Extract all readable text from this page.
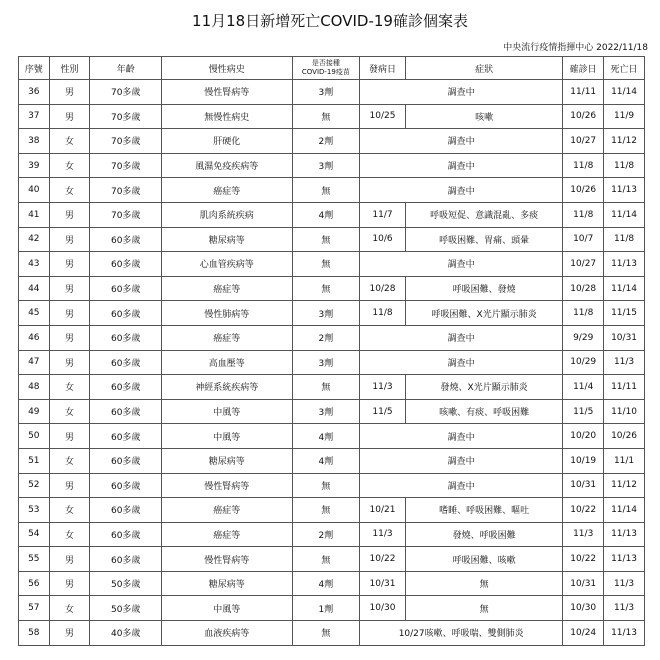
11月18日新增死亡COVID-19確診個案表
中央流行疫情指揮中心 2022/11/18
序號	性別	年齡	慢性病史	是否接種
COVID-19疫苗	發病日	症狀	確診日	死亡日
36	男	70多歲	慢性腎病等	3劑	調查中		11/11	11/14
37	男	70多歲	無慢性病史	無	10/25	咳嗽	10/26	11/9
38	女	70多歲	肝硬化	2劑	調查中		10/27	11/12
39	女	70多歲	風濕免疫疾病等	3劑	調查中		11/8	11/8
40	女	70多歲	癌症等	無	調查中		10/26	11/13
41	男	70多歲	肌肉系統疾病	4劑	11/7	呼吸短促、意識混亂、多痰	11/8	11/14
42	男	60多歲	糖尿病等	無	10/6	呼吸困難、胃痛、頭暈	10/7	11/8
43	男	60多歲	心血管疾病等	無	調查中		10/27	11/13
44	男	60多歲	癌症等	無	10/28	呼吸困難、發燒	10/28	11/14
45	男	60多歲	慢性肺病等	3劑	11/8	呼吸困難、X光片顯示肺炎	11/8	11/15
46	男	60多歲	癌症等	2劑	調查中		9/29	10/31
47	男	60多歲	高血壓等	3劑	調查中		10/29	11/3
48	女	60多歲	神經系統疾病等	無	11/3	發燒、X光片顯示肺炎	11/4	11/11
49	女	60多歲	中風等	3劑	11/5	咳嗽、有痰、呼吸困難	11/5	11/10
50	男	60多歲	中風等	4劑	調查中		10/20	10/26
51	女	60多歲	糖尿病等	4劑	調查中		10/19	11/1
52	男	60多歲	慢性腎病等	無	調查中		10/31	11/12
53	女	60多歲	癌症等	無	10/21	嗜睡、呼吸困難、嘔吐	10/22	11/14
54	女	60多歲	癌症等	2劑	11/3	發燒、呼吸困難	11/3	11/13
55	男	60多歲	慢性腎病等	無	10/22	呼吸困難、咳嗽	10/22	11/13
56	男	50多歲	糖尿病等	4劑	10/31	無	10/31	11/3
57	女	50多歲	中風等	1劑	10/30	無	10/30	11/3
58	男	40多歲	血液疾病等	無	10/27咳嗽、呼吸喘、雙側肺炎		10/24	11/13
